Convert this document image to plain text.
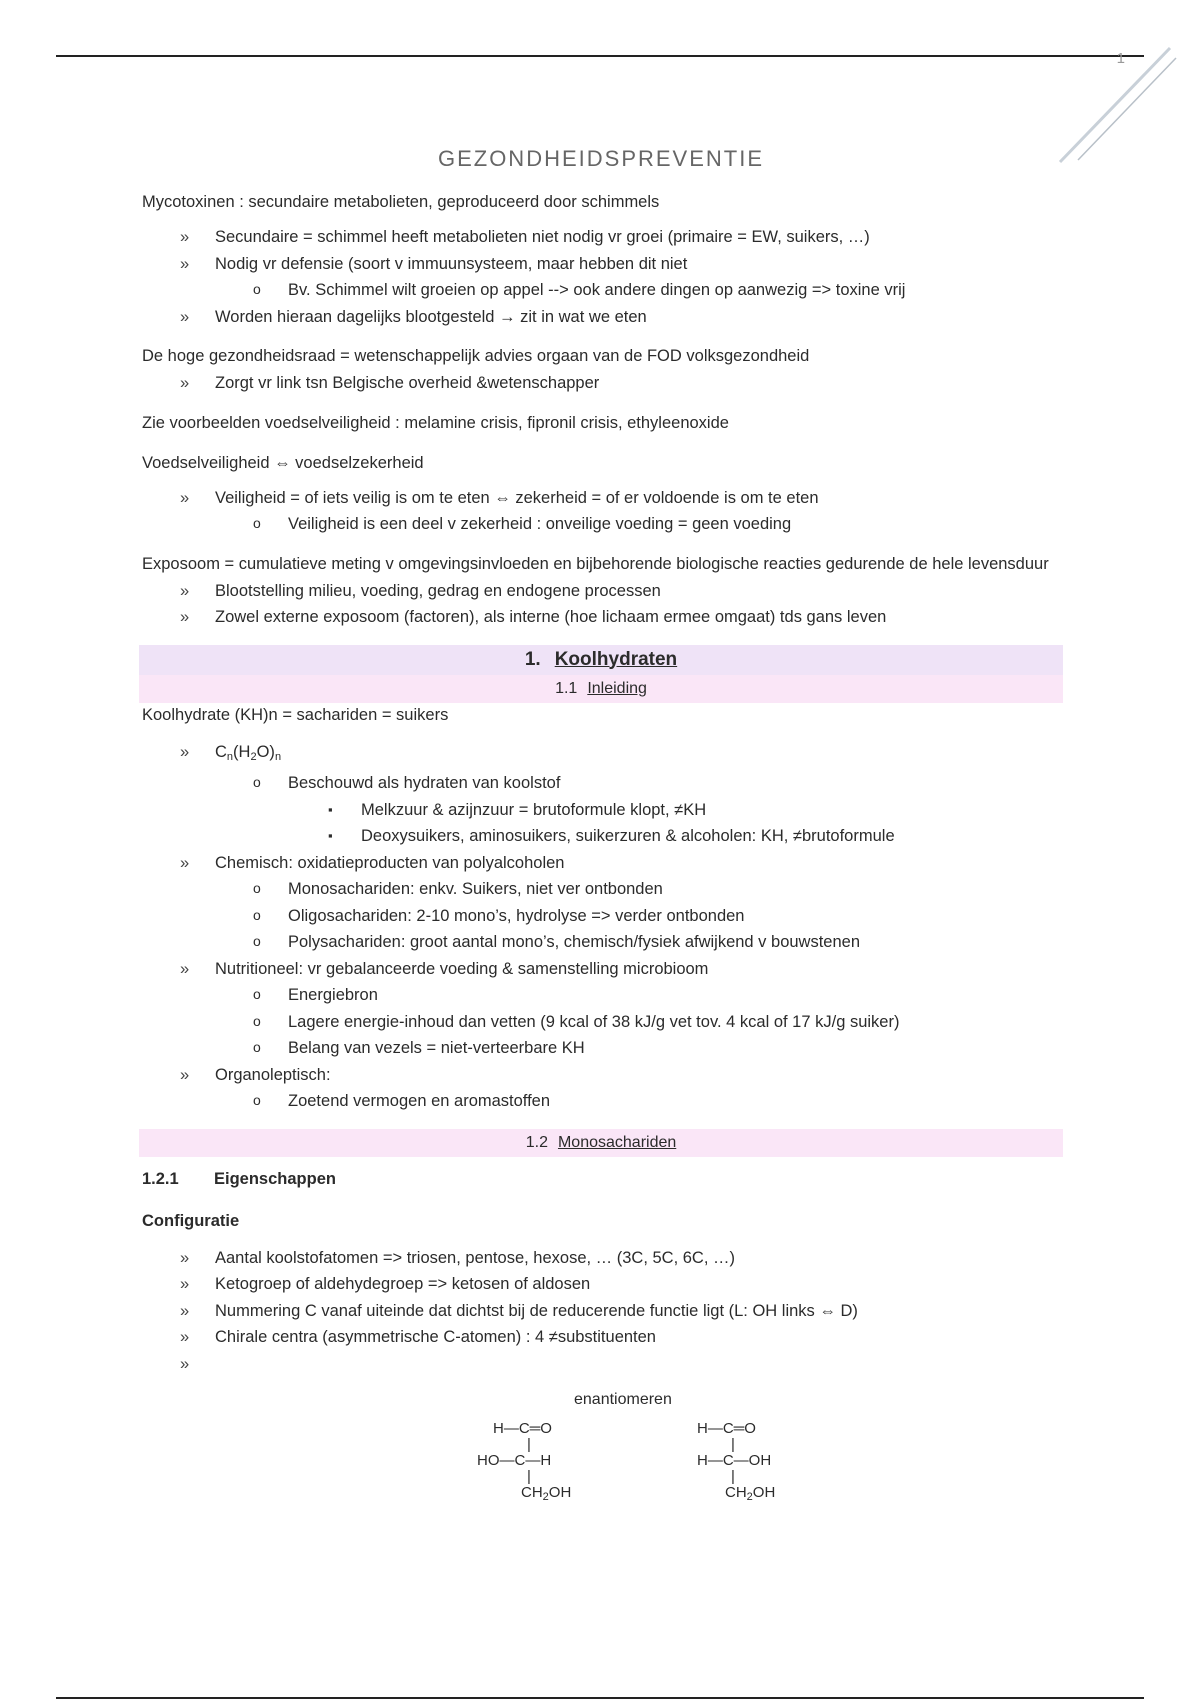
1
GEZONDHEIDSPREVENTIE

Mycotoxinen : secundaire metabolieten, geproduceerd door schimmels

» Secundaire = schimmel heeft metabolieten niet nodig vr groei (primaire = EW, suikers, …)
» Nodig vr defensie (soort v immuunsysteem, maar hebben dit niet
o Bv. Schimmel wilt groeien op appel --> ook andere dingen op aanwezig => toxine vrij
» Worden hieraan dagelijks blootgesteld → zit in wat we eten

De hoge gezondheidsraad = wetenschappelijk advies orgaan van de FOD volksgezondheid

» Zorgt vr link tsn Belgische overheid &wetenschapper

Zie voorbeelden voedselveiligheid : melamine crisis, fipronil crisis, ethyleenoxide

Voedselveiligheid ⇔ voedselzekerheid

» Veiligheid = of iets veilig is om te eten ⇔ zekerheid = of er voldoende is om te eten
o Veiligheid is een deel v zekerheid : onveilige voeding = geen voeding

Exposoom = cumulatieve meting v omgevingsinvloeden en bijbehorende biologische reacties gedurende de hele levensduur

» Blootstelling milieu, voeding, gedrag en endogene processen
» Zowel externe exposoom (factoren), als interne (hoe lichaam ermee omgaat) tds gans leven
1. Koolhydraten
1.1 Inleiding

Koolhydrate (KH)n = sachariden = suikers

» $C_n(H_2O)_n$
o Beschouwd als hydraten van koolstof
▪ Melkzuur & azijnzuur = brutoformule klopt, ≠KH
▪ Deoxysuikers, aminosuikers, suikerzuren & alcoholen: KH, ≠brutoformule
» Chemisch: oxidatieproducten van polyalcoholen
o Monosachariden: enkv. Suikers, niet ver ontbonden
o Oligosachariden: 2-10 mono’s, hydrolyse => verder ontbonden
o Polysachariden: groot aantal mono’s, chemisch/fysiek afwijkend v bouwstenen
» Nutritioneel: vr gebalanceerde voeding & samenstelling microbioom
o Energiebron
o Lagere energie-inhoud dan vetten (9 kcal of 38 kJ/g vet tov. 4 kcal of 17 kJ/g suiker)
o Belang van vezels = niet-verteerbare KH
» Organoleptisch:
o Zoetend vermogen en aromastoffen
1.2 Monosachariden
1.2.1 Eigenschappen
Configuratie
» Aantal koolstofatomen => triosen, pentose, hexose, … (3C, 5C, 6C, …)
» Ketogroep of aldehydegroep => ketosen of aldosen
» Nummering C vanaf uiteinde dat dichtst bij de reducerende functie ligt (L: OH links ⇔ D)
» Chirale centra (asymmetrische C-atomen) : 4 ≠substituenten
»
enantiomeren
H—C═O
|
HO—C—H
|
$CH_2OH$
H—C═O
|
H—C—OH
|
$CH_2OH$
